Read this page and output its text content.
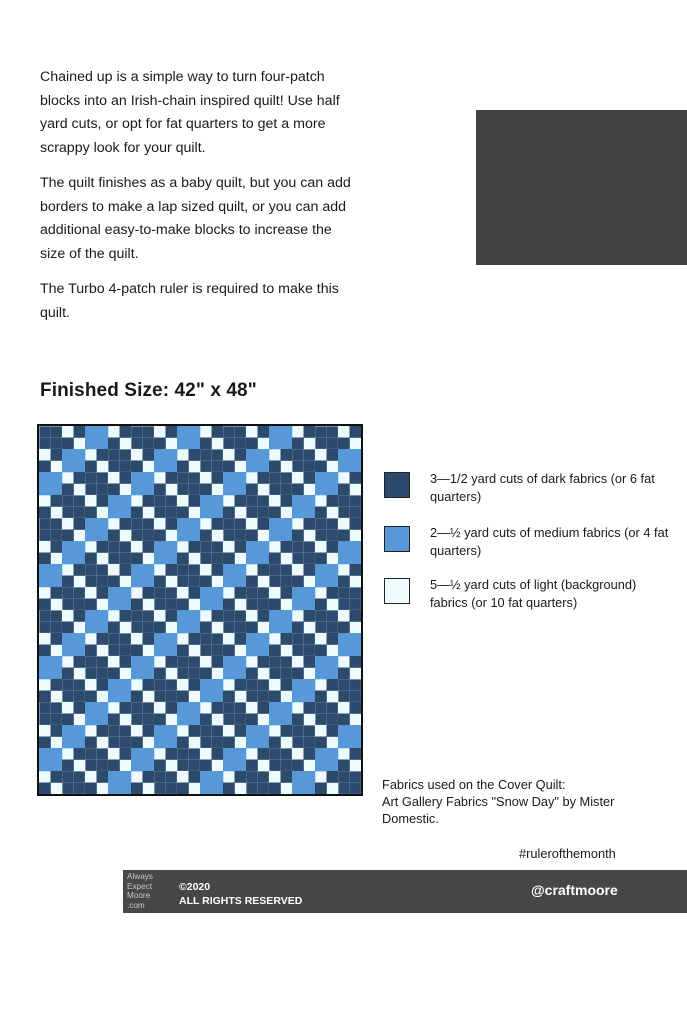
Chained up is a simple way to turn four-patch blocks into an Irish-chain inspired quilt! Use half yard cuts, or opt for fat quarters to get a more scrappy look for your quilt.

The quilt finishes as a baby quilt, but you can add borders to make a lap sized quilt, or you can add additional easy-to-make blocks to increase the size of the quilt.

The Turbo 4-patch ruler is required to make this quilt.

Finished Size: 42" x 48"
3—1/2 yard cuts of dark fabrics (or 6 fat quarters)
2—½ yard cuts of medium fabrics (or 4 fat quarters)
5—½ yard cuts of light (background) fabrics (or 10 fat quarters)
Fabrics used on the Cover Quilt:
Art Gallery Fabrics "Snow Day" by Mister Domestic.
#rulerofthemonth
Always
Expect
Moore
.com
©2020
ALL RIGHTS RESERVED
@craftmoore
